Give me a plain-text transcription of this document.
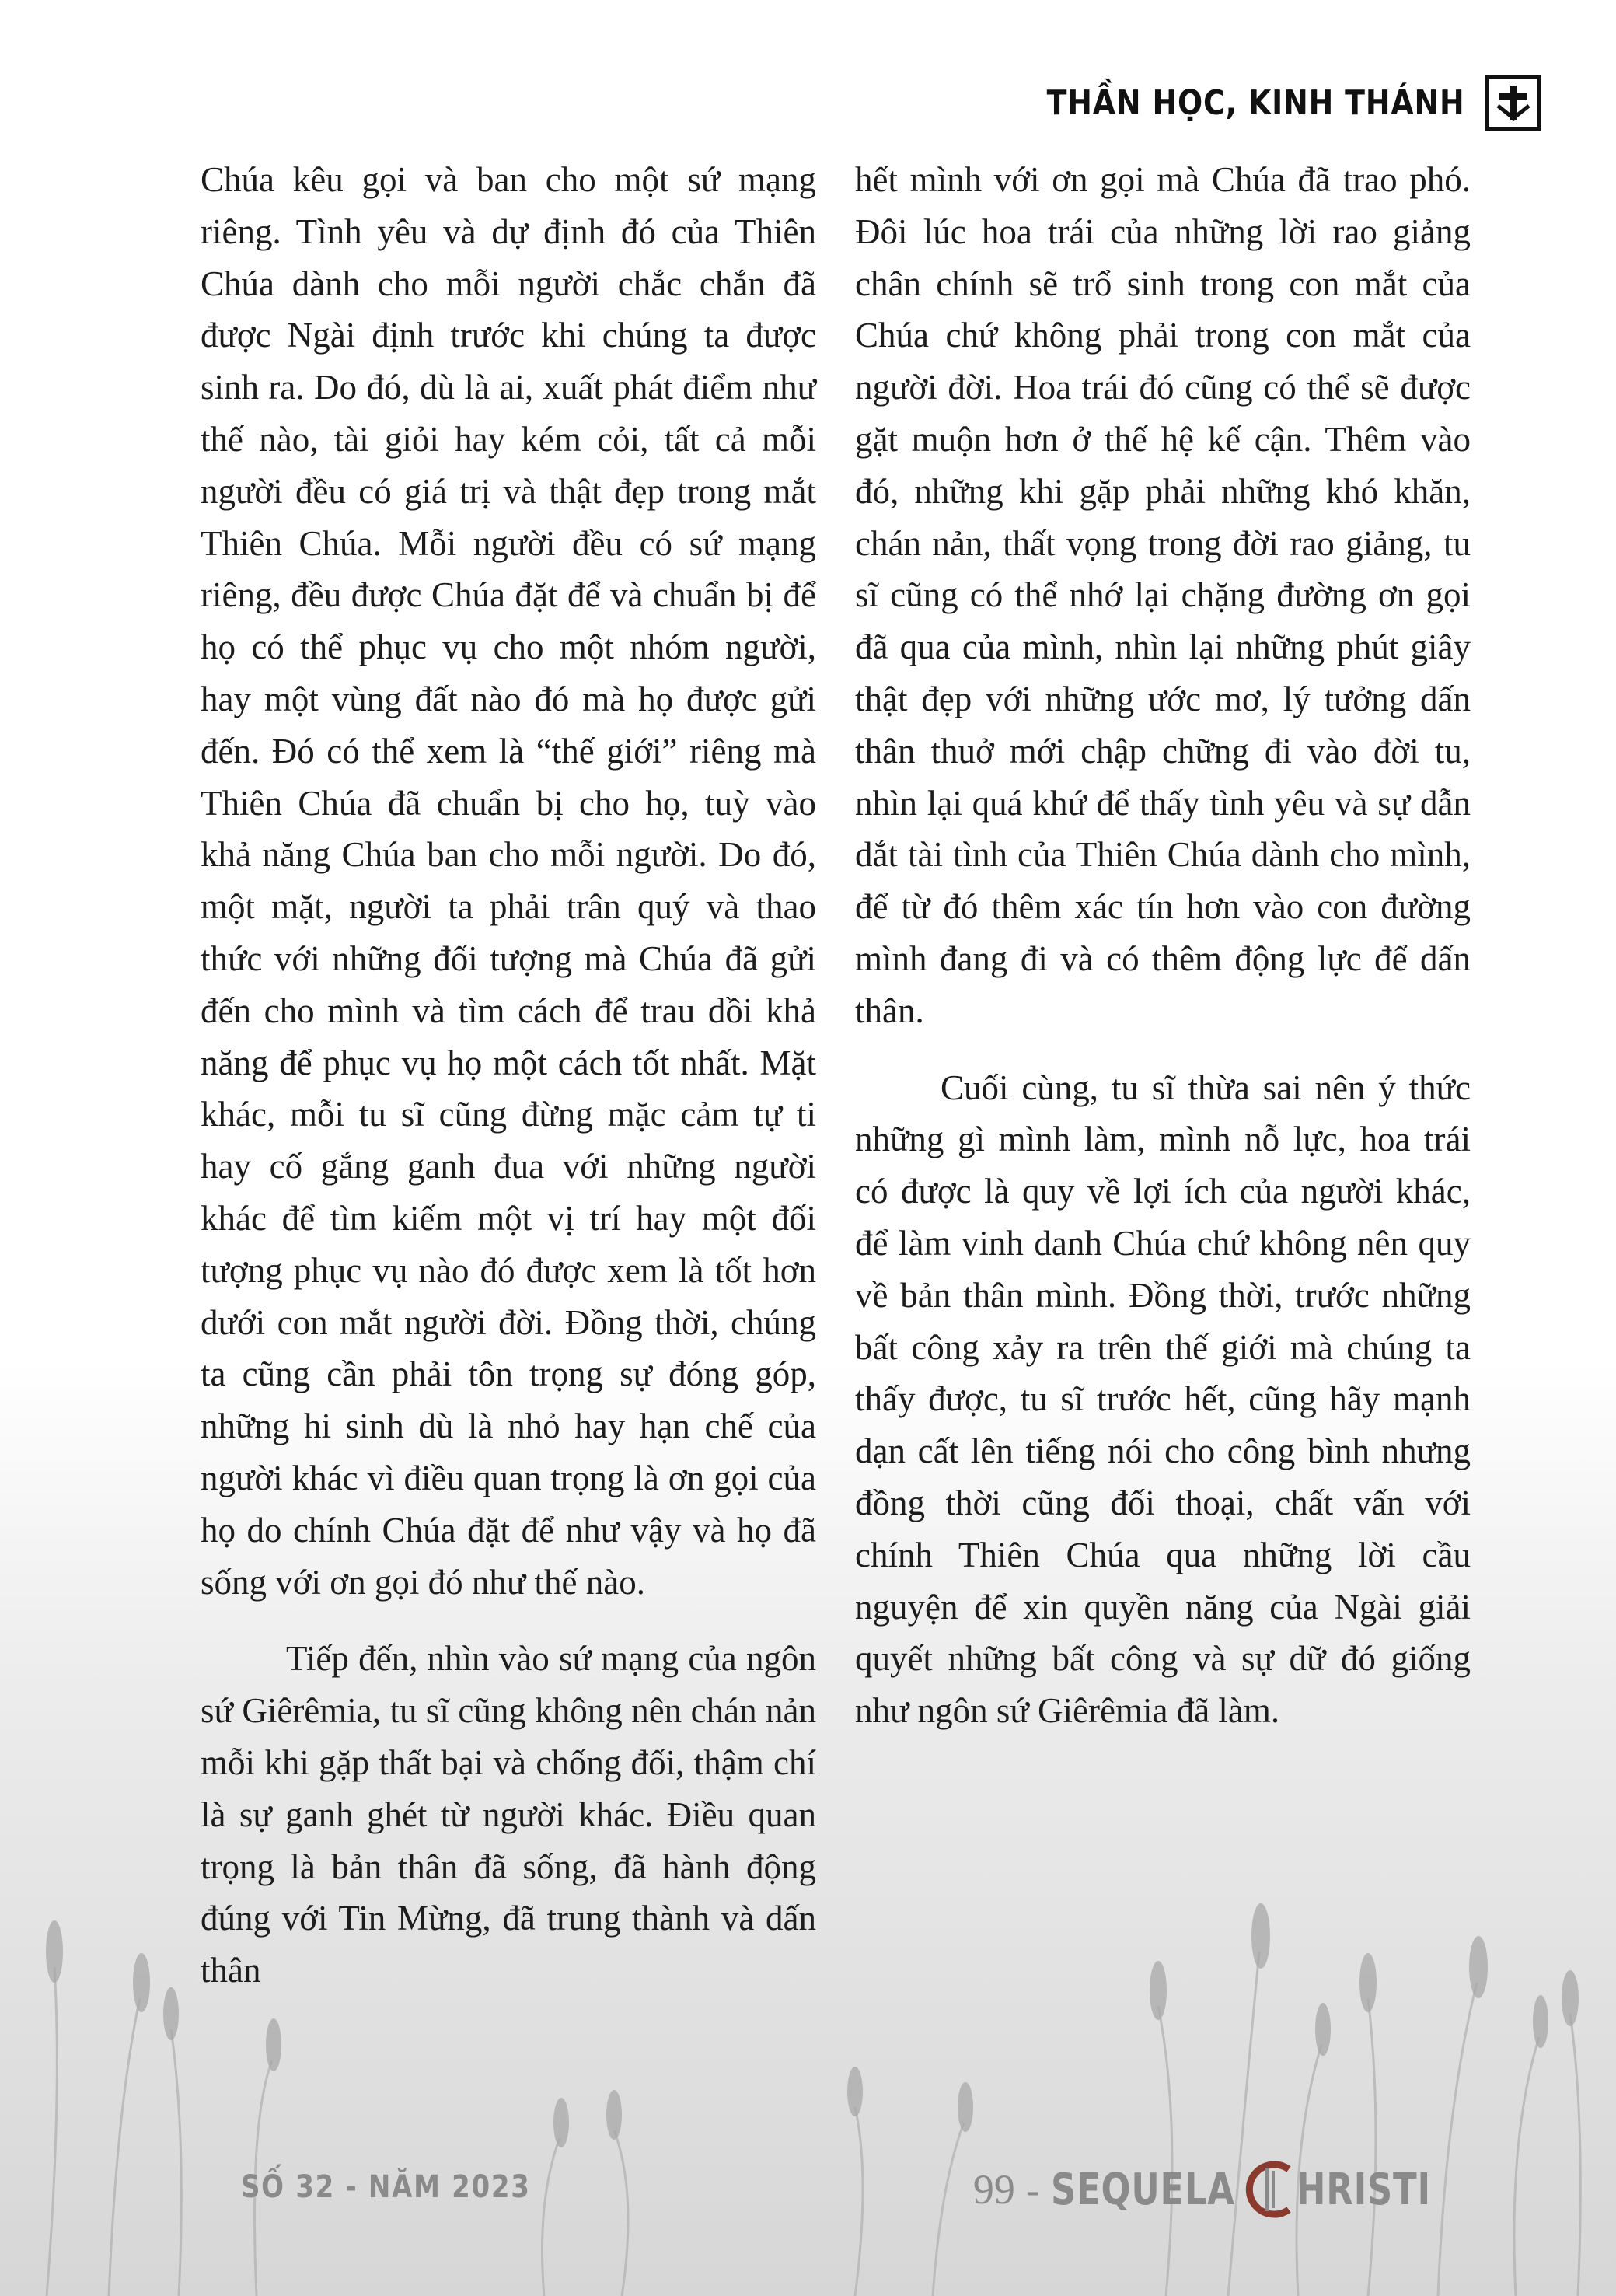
THẦN HỌC, KINH THÁNH

Chúa kêu gọi và ban cho một sứ mạng riêng. Tình yêu và dự định đó của Thiên Chúa dành cho mỗi người chắc chắn đã được Ngài định trước khi chúng ta được sinh ra. Do đó, dù là ai, xuất phát điểm như thế nào, tài giỏi hay kém cỏi, tất cả mỗi người đều có giá trị và thật đẹp trong mắt Thiên Chúa. Mỗi người đều có sứ mạng riêng, đều được Chúa đặt để và chuẩn bị để họ có thể phục vụ cho một nhóm người, hay một vùng đất nào đó mà họ được gửi đến. Đó có thể xem là “thế giới” riêng mà Thiên Chúa đã chuẩn bị cho họ, tuỳ vào khả năng Chúa ban cho mỗi người. Do đó, một mặt, người ta phải trân quý và thao thức với những đối tượng mà Chúa đã gửi đến cho mình và tìm cách để trau dồi khả năng để phục vụ họ một cách tốt nhất. Mặt khác, mỗi tu sĩ cũng đừng mặc cảm tự ti hay cố gắng ganh đua với những người khác để tìm kiếm một vị trí hay một đối tượng phục vụ nào đó được xem là tốt hơn dưới con mắt người đời. Đồng thời, chúng ta cũng cần phải tôn trọng sự đóng góp, những hi sinh dù là nhỏ hay hạn chế của người khác vì điều quan trọng là ơn gọi của họ do chính Chúa đặt để như vậy và họ đã sống với ơn gọi đó như thế nào.

Tiếp đến, nhìn vào sứ mạng của ngôn sứ Giêrêmia, tu sĩ cũng không nên chán nản mỗi khi gặp thất bại và chống đối, thậm chí là sự ganh ghét từ người khác. Điều quan trọng là bản thân đã sống, đã hành động đúng với Tin Mừng, đã trung thành và dấn thân

hết mình với ơn gọi mà Chúa đã trao phó. Đôi lúc hoa trái của những lời rao giảng chân chính sẽ trổ sinh trong con mắt của Chúa chứ không phải trong con mắt của người đời. Hoa trái đó cũng có thể sẽ được gặt muộn hơn ở thế hệ kế cận. Thêm vào đó, những khi gặp phải những khó khăn, chán nản, thất vọng trong đời rao giảng, tu sĩ cũng có thể nhớ lại chặng đường ơn gọi đã qua của mình, nhìn lại những phút giây thật đẹp với những ước mơ, lý tưởng dấn thân thuở mới chập chững đi vào đời tu, nhìn lại quá khứ để thấy tình yêu và sự dẫn dắt tài tình của Thiên Chúa dành cho mình, để từ đó thêm xác tín hơn vào con đường mình đang đi và có thêm động lực để dấn thân.

Cuối cùng, tu sĩ thừa sai nên ý thức những gì mình làm, mình nỗ lực, hoa trái có được là quy về lợi ích của người khác, để làm vinh danh Chúa chứ không nên quy về bản thân mình. Đồng thời, trước những bất công xảy ra trên thế giới mà chúng ta thấy được, tu sĩ trước hết, cũng hãy mạnh dạn cất lên tiếng nói cho công bình nhưng đồng thời cũng đối thoại, chất vấn với chính Thiên Chúa qua những lời cầu nguyện để xin quyền năng của Ngài giải quyết những bất công và sự dữ đó giống như ngôn sứ Giêrêmia đã làm.

SỐ 32 - NĂM 2023	99 - SEQUELA HRISTI
